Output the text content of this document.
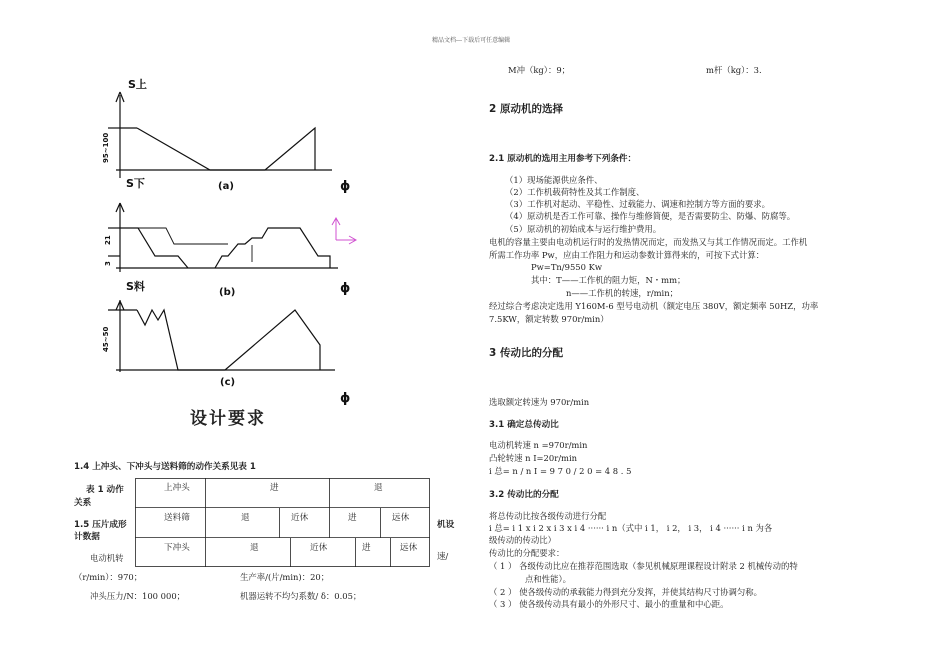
精品文档---下载后可任意编辑
S上
S下
S料
(a)
(b)
(c)
ϕ
ϕ
ϕ
95~100
21
3
45~50
设计要求
1.4 上冲头、下冲头与送料筛的动作关系见表 1
表 1 动作
关系
1.5 压片成形
计数据
上冲头	进	退
送料筛	退	近休	进	远休
下冲头	退	近休	进	远休
机设
速/
电动机转
（r/min）：970；	生产率/(片/min)：20；
冲头压力/N：100 000；	机器运转不均匀系数/ δ：0.05；
M冲（kg）：9；	m杆（kg）：3.
2 原动机的选择
2.1 原动机的选用主用参考下列条件：
（1）现场能源供应条件、
（2）工作机载荷特性及其工作制度、
（3）工作机对起动、平稳性、过载能力、调速和控制方等方面的要求。
（4）原动机是否工作可靠、操作与维修简便，是否需要防尘、防爆、防腐等。
（5）原动机的初始成本与运行维护费用。
电机的容量主要由电动机运行时的发热情况而定，而发热又与其工作情况而定。工作机
所需工作功率 Pw，应由工作阻力和运动参数计算得来的，可按下式计算：
Pw=Tn/9550 Kw
其中：T——工作机的阻力矩，N・mm；
n——工作机的转速，r/min；
经过综合考虑决定选用 Y160M-6 型号电动机（额定电压 380V，额定频率 50HZ，功率
7.5KW，额定转数 970r/min）
3 传动比的分配
选取额定转速为 970r/min
3.1 确定总传动比
电动机转速 n =970r/min
凸轮转速 n I=20r/min
i 总= n / n I = 9 7 0 / 2 0 = 4 8 . 5
3.2 传动比的分配
将总传动比按各级传动进行分配
i 总= i 1 x i 2 x i 3 x i 4 ······ i n（式中 i 1， i 2， i 3， i 4 ······ i n 为各
级传动的传动比）
传动比的分配要求：
（ 1 ） 各级传动比应在推荐范围选取（参见机械原理课程设计附录 2 机械传动的特
点和性能）。
（ 2 ） 使各级传动的承载能力得到充分发挥，并使其结构尺寸协调匀称。
（ 3 ） 使各级传动具有最小的外形尺寸、最小的重量和中心距。
